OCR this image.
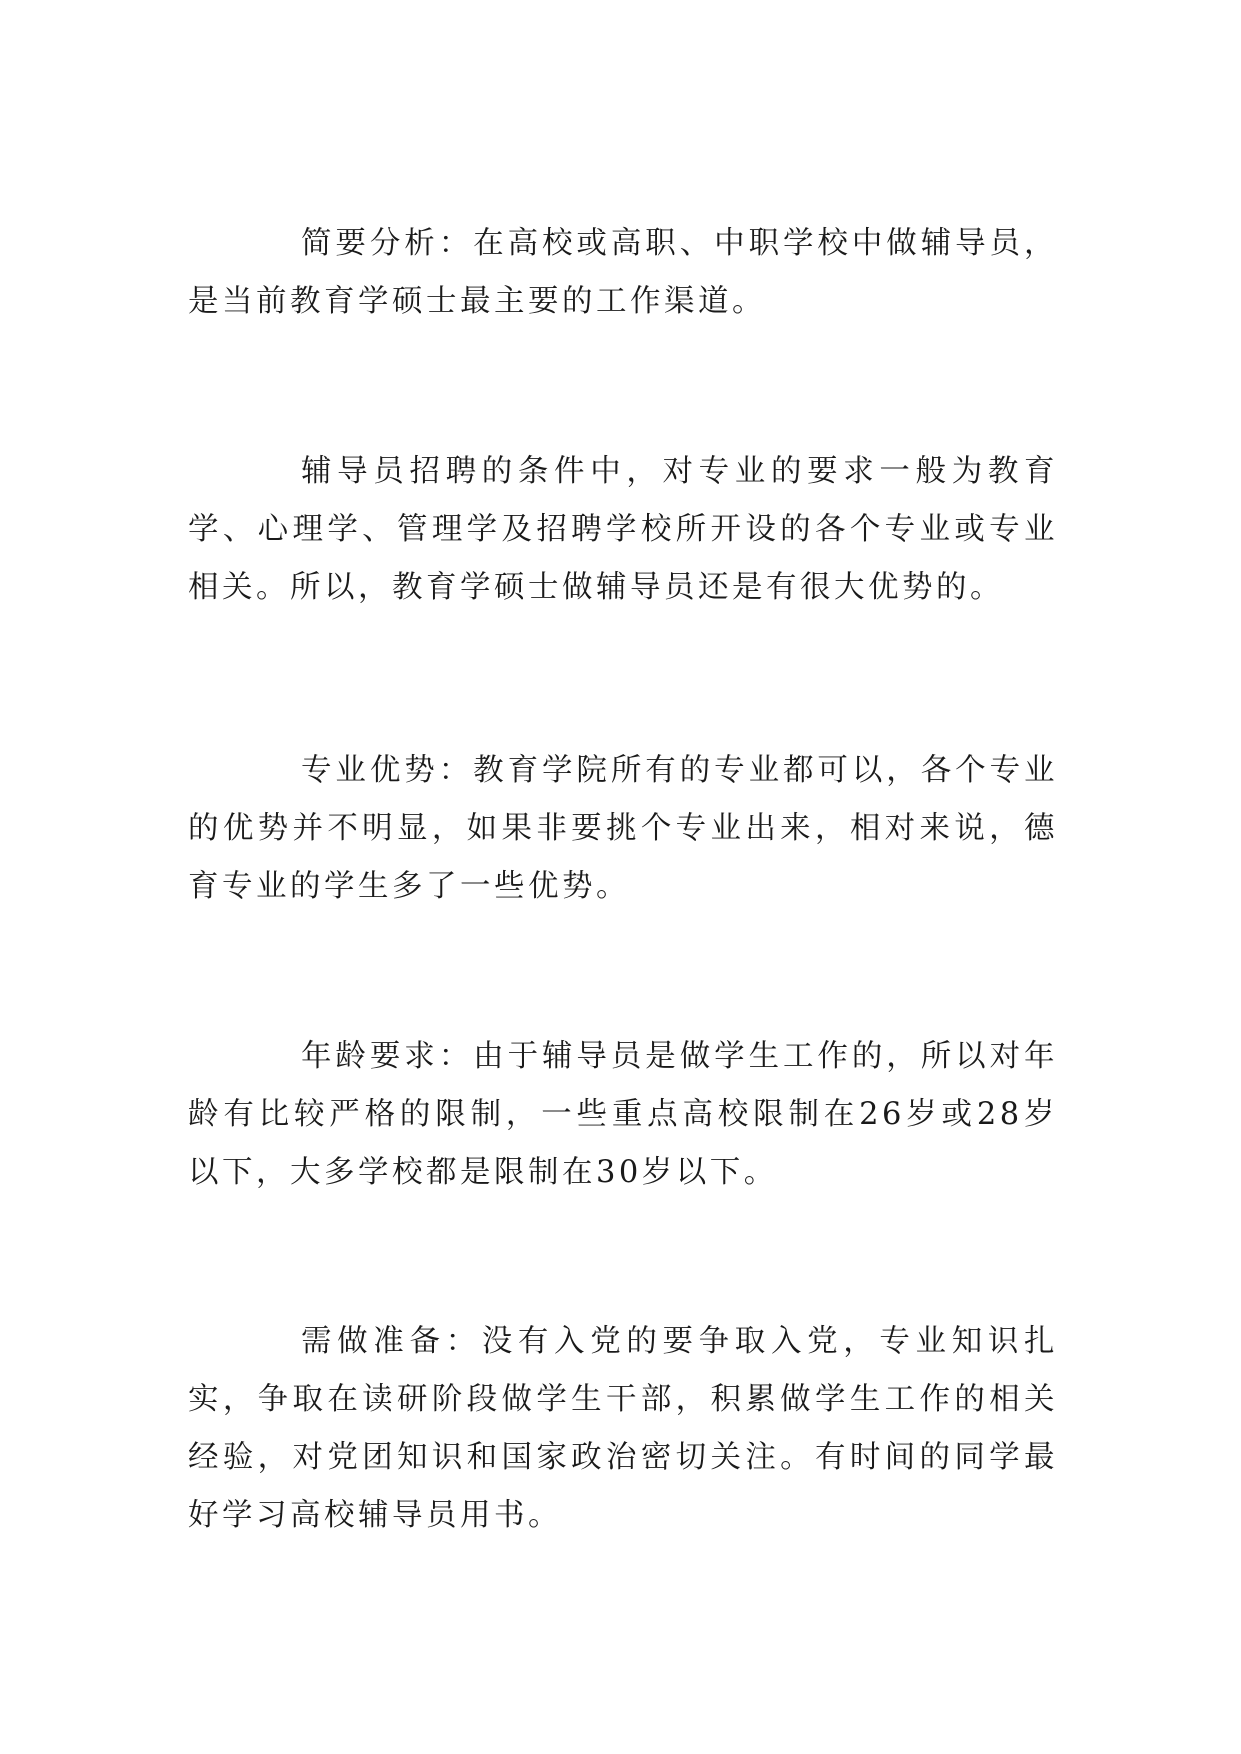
简要分析：在高校或高职、中职学校中做辅导员，是当前教育学硕士最主要的工作渠道。

辅导员招聘的条件中，对专业的要求一般为教育学、心理学、管理学及招聘学校所开设的各个专业或专业相关。所以，教育学硕士做辅导员还是有很大优势的。

专业优势：教育学院所有的专业都可以，各个专业的优势并不明显，如果非要挑个专业出来，相对来说，德育专业的学生多了一些优势。

年龄要求：由于辅导员是做学生工作的，所以对年龄有比较严格的限制，一些重点高校限制在26岁或28岁以下，大多学校都是限制在30岁以下。

需做准备：没有入党的要争取入党，专业知识扎实，争取在读研阶段做学生干部，积累做学生工作的相关经验，对党团知识和国家政治密切关注。有时间的同学最好学习高校辅导员用书。
